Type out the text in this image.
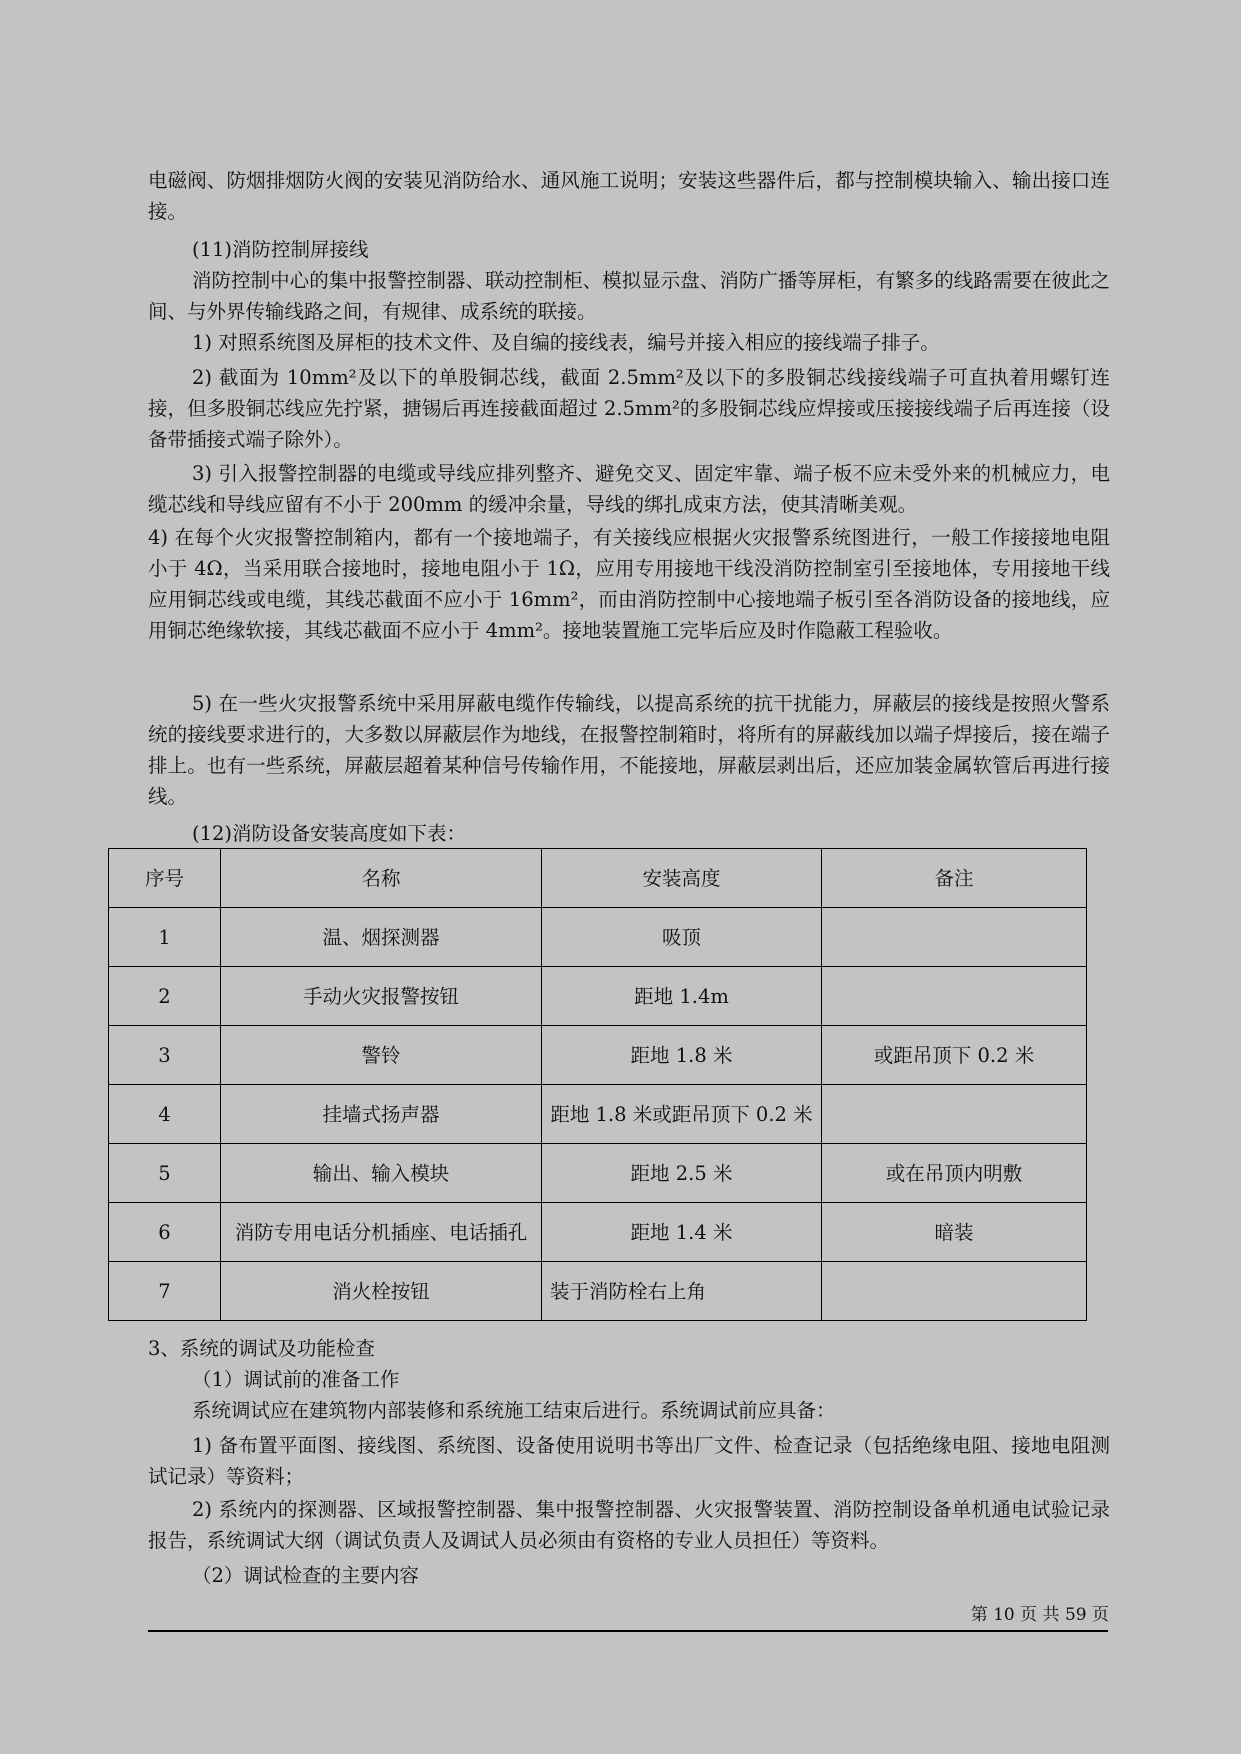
电磁阀、防烟排烟防火阀的安装见消防给水、通风施工说明；安装这些器件后，都与控制模块输入、输出接口连接。

(11)消防控制屏接线

消防控制中心的集中报警控制器、联动控制柜、模拟显示盘、消防广播等屏柜，有繁多的线路需要在彼此之间、与外界传输线路之间，有规律、成系统的联接。

1) 对照系统图及屏柜的技术文件、及自编的接线表，编号并接入相应的接线端子排子。

2) 截面为 10mm²及以下的单股铜芯线，截面 2.5mm²及以下的多股铜芯线接线端子可直执着用螺钉连接，但多股铜芯线应先拧紧，搪锡后再连接截面超过 2.5mm²的多股铜芯线应焊接或压接接线端子后再连接（设备带插接式端子除外）。

3) 引入报警控制器的电缆或导线应排列整齐、避免交叉、固定牢靠、端子板不应未受外来的机械应力，电缆芯线和导线应留有不小于 200mm 的缓冲余量，导线的绑扎成束方法，使其清晰美观。

4) 在每个火灾报警控制箱内，都有一个接地端子，有关接线应根据火灾报警系统图进行，一般工作接接地电阻小于 4Ω，当采用联合接地时，接地电阻小于 1Ω，应用专用接地干线没消防控制室引至接地体，专用接地干线应用铜芯线或电缆，其线芯截面不应小于 16mm²，而由消防控制中心接地端子板引至各消防设备的接地线，应用铜芯绝缘软接，其线芯截面不应小于 4mm²。接地装置施工完毕后应及时作隐蔽工程验收。

5) 在一些火灾报警系统中采用屏蔽电缆作传输线，以提高系统的抗干扰能力，屏蔽层的接线是按照火警系统的接线要求进行的，大多数以屏蔽层作为地线，在报警控制箱时，将所有的屏蔽线加以端子焊接后，接在端子排上。也有一些系统，屏蔽层超着某种信号传输作用，不能接地，屏蔽层剥出后，还应加装金属软管后再进行接线。

(12)消防设备安装高度如下表：

序号	名称	安装高度	备注
1	温、烟探测器	吸顶	
2	手动火灾报警按钮	距地 1.4m	
3	警铃	距地 1.8 米	或距吊顶下 0.2 米
4	挂墙式扬声器	距地 1.8 米或距吊顶下 0.2 米	
5	输出、输入模块	距地 2.5 米	或在吊顶内明敷
6	消防专用电话分机插座、电话插孔	距地 1.4 米	暗装
7	消火栓按钮	装于消防栓右上角	

3、系统的调试及功能检查

（1）调试前的准备工作

系统调试应在建筑物内部装修和系统施工结束后进行。系统调试前应具备：

1) 备布置平面图、接线图、系统图、设备使用说明书等出厂文件、检查记录（包括绝缘电阻、接地电阻测试记录）等资料；

2) 系统内的探测器、区域报警控制器、集中报警控制器、火灾报警装置、消防控制设备单机通电试验记录报告，系统调试大纲（调试负责人及调试人员必须由有资格的专业人员担任）等资料。

（2）调试检查的主要内容

第 10 页 共 59 页
